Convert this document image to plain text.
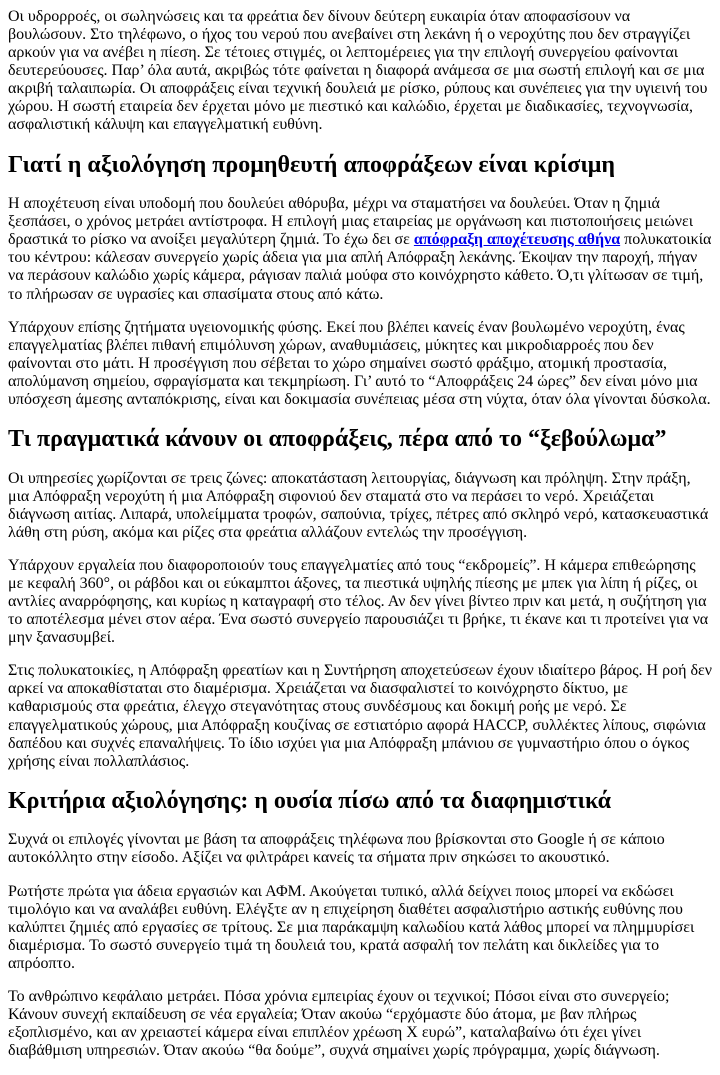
Οι υδρορροές, οι σωληνώσεις και τα φρεάτια δεν δίνουν δεύτερη ευκαιρία όταν αποφασίσουν να βουλώσουν. Στο τηλέφωνο, ο ήχος του νερού που ανεβαίνει στη λεκάνη ή ο νεροχύτης που δεν στραγγίζει αρκούν για να ανέβει η πίεση. Σε τέτοιες στιγμές, οι λεπτομέρειες για την επιλογή συνεργείου φαίνονται δευτερεύουσες. Παρ’ όλα αυτά, ακριβώς τότε φαίνεται η διαφορά ανάμεσα σε μια σωστή επιλογή και σε μια ακριβή ταλαιπωρία. Οι αποφράξεις είναι τεχνική δουλειά με ρίσκο, ρύπους και συνέπειες για την υγιεινή του χώρου. Η σωστή εταιρεία δεν έρχεται μόνο με πιεστικό και καλώδιο, έρχεται με διαδικασίες, τεχνογνωσία, ασφαλιστική κάλυψη και επαγγελματική ευθύνη.

Γιατί η αξιολόγηση προμηθευτή αποφράξεων είναι κρίσιμη

Η αποχέτευση είναι υποδομή που δουλεύει αθόρυβα, μέχρι να σταματήσει να δουλεύει. Όταν η ζημιά ξεσπάσει, ο χρόνος μετράει αντίστροφα. Η επιλογή μιας εταιρείας με οργάνωση και πιστοποιήσεις μειώνει δραστικά το ρίσκο να ανοίξει μεγαλύτερη ζημιά. Το έχω δει σε απόφραξη αποχέτευσης αθήνα πολυκατοικία του κέντρου: κάλεσαν συνεργείο χωρίς άδεια για μια απλή Απόφραξη λεκάνης. Έκοψαν την παροχή, πήγαν να περάσουν καλώδιο χωρίς κάμερα, ράγισαν παλιά μούφα στο κοινόχρηστο κάθετο. Ό,τι γλίτωσαν σε τιμή, το πλήρωσαν σε υγρασίες και σπασίματα στους από κάτω.

Υπάρχουν επίσης ζητήματα υγειονομικής φύσης. Εκεί που βλέπει κανείς έναν βουλωμένο νεροχύτη, ένας επαγγελματίας βλέπει πιθανή επιμόλυνση χώρων, αναθυμιάσεις, μύκητες και μικροδιαρροές που δεν φαίνονται στο μάτι. Η προσέγγιση που σέβεται το χώρο σημαίνει σωστό φράξιμο, ατομική προστασία, απολύμανση σημείου, σφραγίσματα και τεκμηρίωση. Γι’ αυτό το “Αποφράξεις 24 ώρες” δεν είναι μόνο μια υπόσχεση άμεσης ανταπόκρισης, είναι και δοκιμασία συνέπειας μέσα στη νύχτα, όταν όλα γίνονται δύσκολα.

Τι πραγματικά κάνουν οι αποφράξεις, πέρα από το “ξεβούλωμα”

Οι υπηρεσίες χωρίζονται σε τρεις ζώνες: αποκατάσταση λειτουργίας, διάγνωση και πρόληψη. Στην πράξη, μια Απόφραξη νεροχύτη ή μια Απόφραξη σιφονιού δεν σταματά στο να περάσει το νερό. Χρειάζεται διάγνωση αιτίας. Λιπαρά, υπολείμματα τροφών, σαπούνια, τρίχες, πέτρες από σκληρό νερό, κατασκευαστικά λάθη στη ρύση, ακόμα και ρίζες στα φρεάτια αλλάζουν εντελώς την προσέγγιση.

Υπάρχουν εργαλεία που διαφοροποιούν τους επαγγελματίες από τους “εκδρομείς”. Η κάμερα επιθεώρησης με κεφαλή 360°, οι ράβδοι και οι εύκαμπτοι άξονες, τα πιεστικά υψηλής πίεσης με μπεκ για λίπη ή ρίζες, οι αντλίες αναρρόφησης, και κυρίως η καταγραφή στο τέλος. Αν δεν γίνει βίντεο πριν και μετά, η συζήτηση για το αποτέλεσμα μένει στον αέρα. Ένα σωστό συνεργείο παρουσιάζει τι βρήκε, τι έκανε και τι προτείνει για να μην ξανασυμβεί.

Στις πολυκατοικίες, η Απόφραξη φρεατίων και η Συντήρηση αποχετεύσεων έχουν ιδιαίτερο βάρος. Η ροή δεν αρκεί να αποκαθίσταται στο διαμέρισμα. Χρειάζεται να διασφαλιστεί το κοινόχρηστο δίκτυο, με καθαρισμούς στα φρεάτια, έλεγχο στεγανότητας στους συνδέσμους και δοκιμή ροής με νερό. Σε επαγγελματικούς χώρους, μια Απόφραξη κουζίνας σε εστιατόριο αφορά HACCP, συλλέκτες λίπους, σιφώνια δαπέδου και συχνές επαναλήψεις. Το ίδιο ισχύει για μια Απόφραξη μπάνιου σε γυμναστήριο όπου ο όγκος χρήσης είναι πολλαπλάσιος.

Κριτήρια αξιολόγησης: η ουσία πίσω από τα διαφημιστικά

Συχνά οι επιλογές γίνονται με βάση τα αποφράξεις τηλέφωνα που βρίσκονται στο Google ή σε κάποιο αυτοκόλλητο στην είσοδο. Αξίζει να φιλτράρει κανείς τα σήματα πριν σηκώσει το ακουστικό.

Ρωτήστε πρώτα για άδεια εργασιών και ΑΦΜ. Ακούγεται τυπικό, αλλά δείχνει ποιος μπορεί να εκδώσει τιμολόγιο και να αναλάβει ευθύνη. Ελέγξτε αν η επιχείρηση διαθέτει ασφαλιστήριο αστικής ευθύνης που καλύπτει ζημιές από εργασίες σε τρίτους. Σε μια παράκαμψη καλωδίου κατά λάθος μπορεί να πλημμυρίσει διαμέρισμα. Το σωστό συνεργείο τιμά τη δουλειά του, κρατά ασφαλή τον πελάτη και δικλείδες για το απρόοπτο.

Το ανθρώπινο κεφάλαιο μετράει. Πόσα χρόνια εμπειρίας έχουν οι τεχνικοί; Πόσοι είναι στο συνεργείο; Κάνουν συνεχή εκπαίδευση σε νέα εργαλεία; Όταν ακούω “ερχόμαστε δύο άτομα, με βαν πλήρως εξοπλισμένο, και αν χρειαστεί κάμερα είναι επιπλέον χρέωση Χ ευρώ”, καταλαβαίνω ότι έχει γίνει διαβάθμιση υπηρεσιών. Όταν ακούω “θα δούμε”, συχνά σημαίνει χωρίς πρόγραμμα, χωρίς διάγνωση.
